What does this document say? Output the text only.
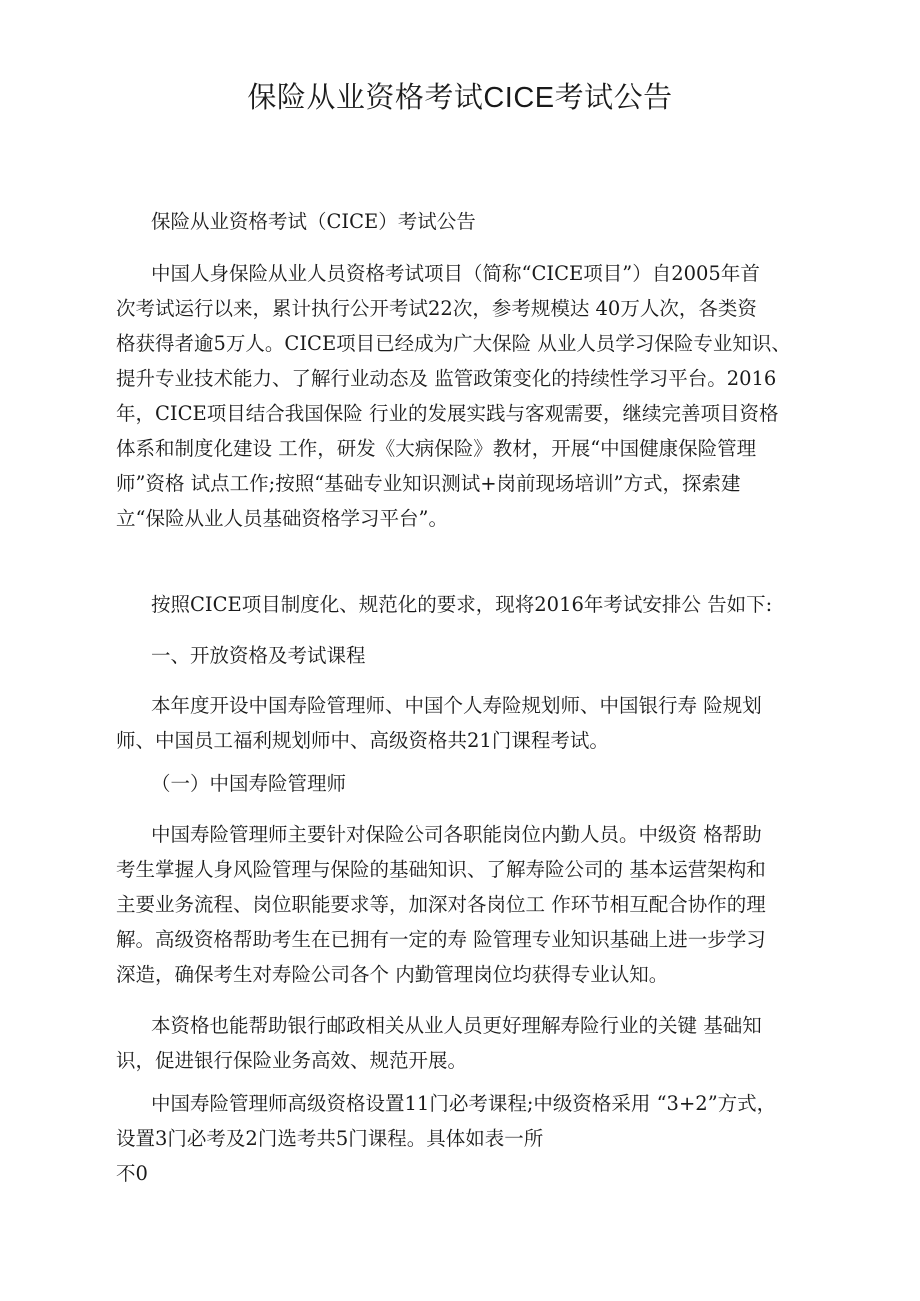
保险从业资格考试CICE考试公告
保险从业资格考试（CICE）考试公告
中国人身保险从业人员资格考试项目（简称“CICE项目”）自2005年首
次考试运行以来，累计执行公开考试22次，参考规模达 40万人次，各类资
格获得者逾5万人。CICE项目已经成为广大保险 从业人员学习保险专业知识、
提升专业技术能力、了解行业动态及 监管政策变化的持续性学习平台。2016
年，CICE项目结合我国保险 行业的发展实践与客观需要，继续完善项目资格
体系和制度化建设 工作，研发《大病保险》教材，开展“中国健康保险管理
师”资格 试点工作;按照“基础专业知识测试+岗前现场培训”方式，探索建
立“保险从业人员基础资格学习平台”。
按照CICE项目制度化、规范化的要求，现将2016年考试安排公 告如下:
一、开放资格及考试课程
本年度开设中国寿险管理师、中国个人寿险规划师、中国银行寿 险规划
师、中国员工福利规划师中、高级资格共21门课程考试。
（一）中国寿险管理师
中国寿险管理师主要针对保险公司各职能岗位内勤人员。中级资 格帮助
考生掌握人身风险管理与保险的基础知识、了解寿险公司的 基本运营架构和
主要业务流程、岗位职能要求等，加深对各岗位工 作环节相互配合协作的理
解。高级资格帮助考生在已拥有一定的寿 险管理专业知识基础上进一步学习
深造，确保考生对寿险公司各个 内勤管理岗位均获得专业认知。
本资格也能帮助银行邮政相关从业人员更好理解寿险行业的关键 基础知
识，促进银行保险业务高效、规范开展。
中国寿险管理师高级资格设置11门必考课程;中级资格采用 “3+2”方式，
设置3门必考及2门选考共5门课程。具体如表一所
不0
